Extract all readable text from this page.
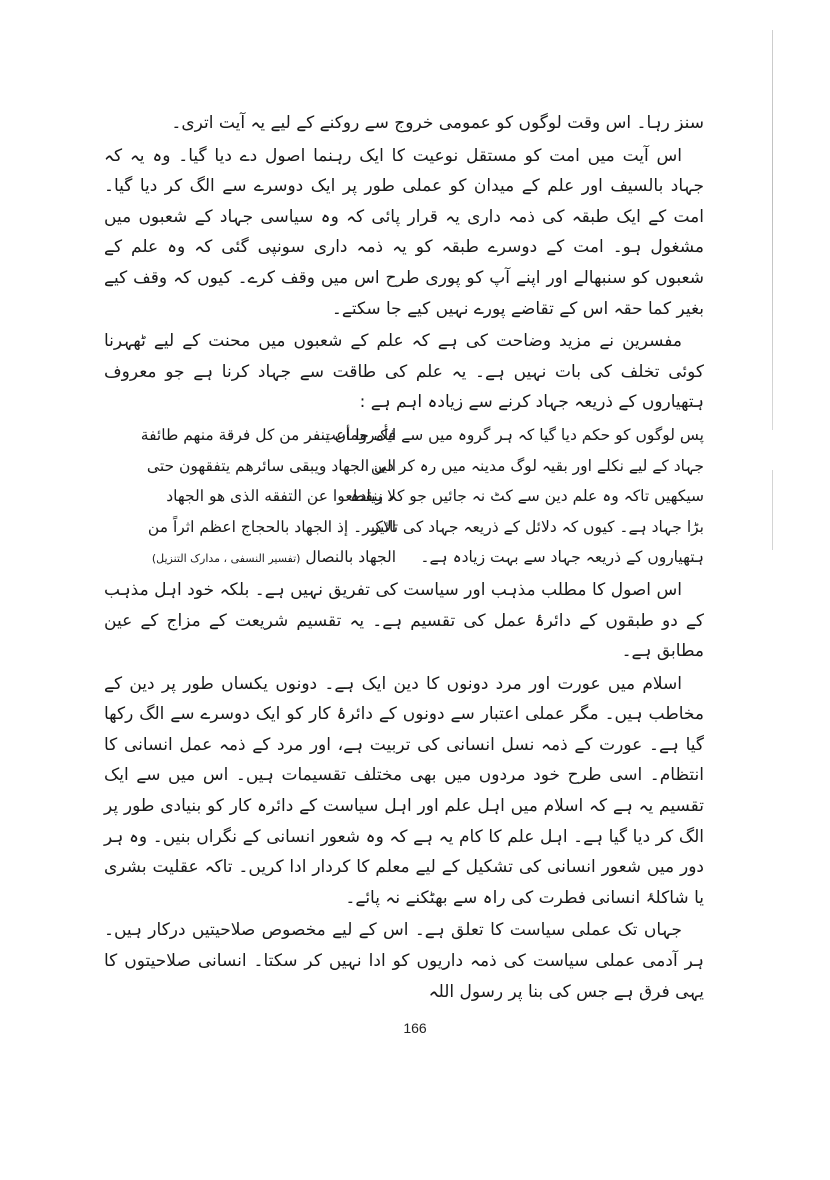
سنز رہا۔ اس وقت لوگوں کو عمومی خروج سے روکنے کے لیے یہ آیت اتری۔

اس آیت میں امت کو مستقل نوعیت کا ایک رہنما اصول دے دیا گیا۔ وہ یہ کہ جہاد بالسیف اور علم کے میدان کو عملی طور پر ایک دوسرے سے الگ کر دیا گیا۔ امت کے ایک طبقہ کی ذمہ داری یہ قرار پائی کہ وہ سیاسی جہاد کے شعبوں میں مشغول ہو۔ امت کے دوسرے طبقہ کو یہ ذمہ داری سونپی گئی کہ وہ علم کے شعبوں کو سنبھالے اور اپنے آپ کو پوری طرح اس میں وقف کرے۔ کیوں کہ وقف کیے بغیر کما حقہ اس کے تقاضے پورے نہیں کیے جا سکتے۔

مفسرین نے مزید وضاحت کی ہے کہ علم کے شعبوں میں محنت کے لیے ٹھہرنا کوئی تخلف کی بات نہیں ہے۔ یہ علم کی طاقت سے جہاد کرنا ہے جو معروف ہتھیاروں کے ذریعہ جہاد کرنے سے زیادہ اہم ہے :

پس لوگوں کو حکم دیا گیا کہ ہر گروہ میں سے ایک جماعت
جہاد کے لیے نکلے اور بقیہ لوگ مدینہ میں رہ کر دین
سیکھیں تاکہ وہ علم دین سے کٹ نہ جائیں جو کہ زیادہ
بڑا جہاد ہے۔ کیوں کہ دلائل کے ذریعہ جہاد کی تاثیر
ہتھیاروں کے ذریعہ جہاد سے بہت زیادہ ہے۔
فأمروا أن ينفر من كل فرقة منهم طائفة
الى الجهاد ويبقى سائرهم يتفقهون حتى
لا ينقطعوا عن التفقه الذى هو الجهاد
الاكبر۔ إذ الجهاد بالحجاج اعظم اثراً من
الجهاد بالنصال (تفسیر النسفی ، مدارک التنزیل)

اس اصول کا مطلب مذہب اور سیاست کی تفریق نہیں ہے۔ بلکہ خود اہل مذہب کے دو طبقوں کے دائرۂ عمل کی تقسیم ہے۔ یہ تقسیم شریعت کے مزاج کے عین مطابق ہے۔

اسلام میں عورت اور مرد دونوں کا دین ایک ہے۔ دونوں یکساں طور پر دین کے مخاطب ہیں۔ مگر عملی اعتبار سے دونوں کے دائرۂ کار کو ایک دوسرے سے الگ رکھا گیا ہے۔ عورت کے ذمہ نسل انسانی کی تربیت ہے، اور مرد کے ذمہ عمل انسانی کا انتظام۔ اسی طرح خود مردوں میں بھی مختلف تقسیمات ہیں۔ اس میں سے ایک تقسیم یہ ہے کہ اسلام میں اہل علم اور اہل سیاست کے دائرہ کار کو بنیادی طور پر الگ کر دیا گیا ہے۔ اہل علم کا کام یہ ہے کہ وہ شعور انسانی کے نگراں بنیں۔ وہ ہر دور میں شعور انسانی کی تشکیل کے لیے معلم کا کردار ادا کریں۔ تاکہ عقلیت بشری یا شاکلۂ انسانی فطرت کی راہ سے بھٹکنے نہ پائے۔

جہاں تک عملی سیاست کا تعلق ہے۔ اس کے لیے مخصوص صلاحیتیں درکار ہیں۔ ہر آدمی عملی سیاست کی ذمہ داریوں کو ادا نہیں کر سکتا۔ انسانی صلاحیتوں کا یہی فرق ہے جس کی بنا پر رسول اللہ

166
